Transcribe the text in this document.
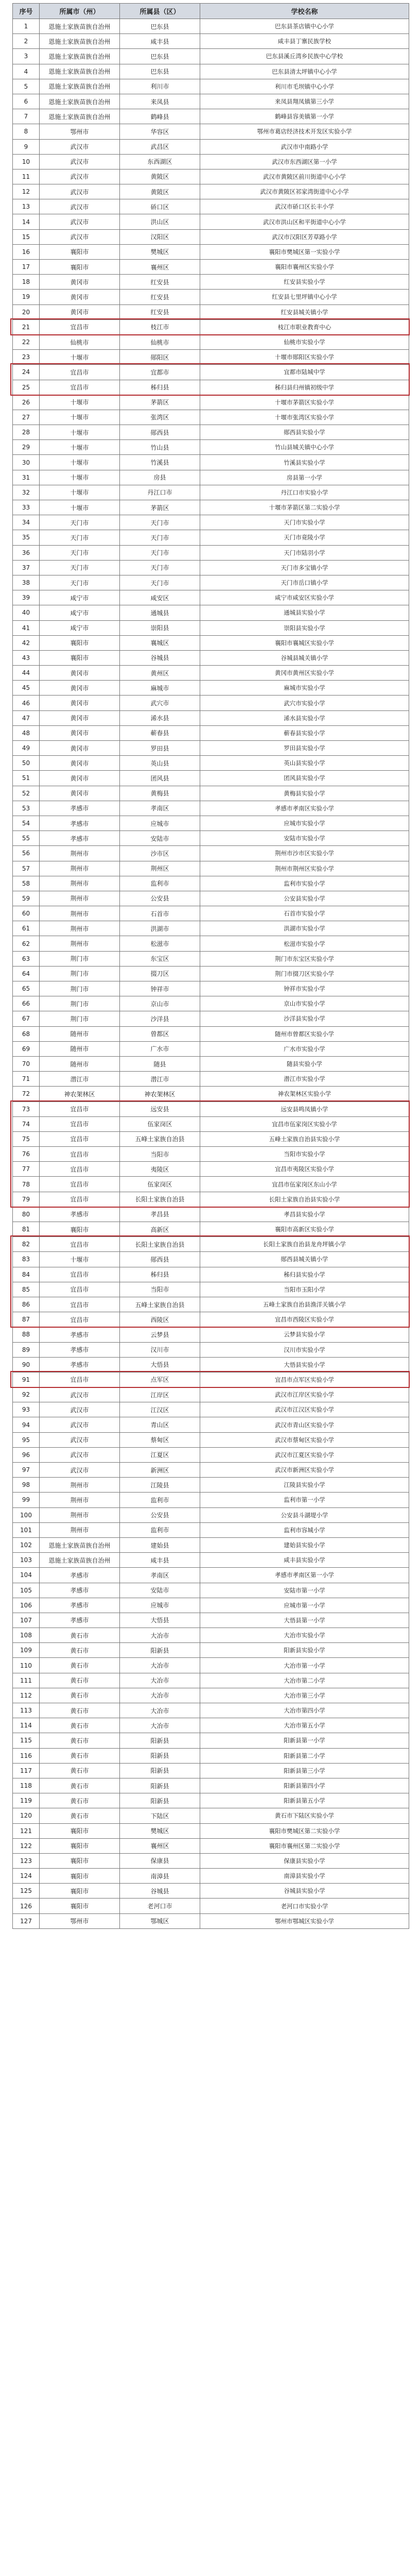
序号	所属市（州）	所属县（区）	学校名称
1	恩施土家族苗族自治州	巴东县	巴东县茶店镇中心小学
2	恩施土家族苗族自治州	咸丰县	咸丰县丁寨民族学校
3	恩施土家族苗族自治州	巴东县	巴东县溪丘湾乡民族中心学校
4	恩施土家族苗族自治州	巴东县	巴东县清太坪镇中心小学
5	恩施土家族苗族自治州	利川市	利川市毛坝镇中心小学
6	恩施土家族苗族自治州	来凤县	来凤县翔凤镇第三小学
7	恩施土家族苗族自治州	鹤峰县	鹤峰县容美镇第一小学
8	鄂州市	华容区	鄂州市葛店经济技术开发区实验小学
9	武汉市	武昌区	武汉市中南路小学
10	武汉市	东西湖区	武汉市东西湖区第一小学
11	武汉市	黄陂区	武汉市黄陂区前川街道中心小学
12	武汉市	黄陂区	武汉市黄陂区祁家湾街道中心小学
13	武汉市	硚口区	武汉市硚口区长丰小学
14	武汉市	洪山区	武汉市洪山区和平街道中心小学
15	武汉市	汉阳区	武汉市汉阳区芳草路小学
16	襄阳市	樊城区	襄阳市樊城区第一实验小学
17	襄阳市	襄州区	襄阳市襄州区实验小学
18	黄冈市	红安县	红安县实验小学
19	黄冈市	红安县	红安县七里坪镇中心小学
20	黄冈市	红安县	红安县城关镇小学
21	宜昌市	枝江市	枝江市职业教育中心
22	仙桃市	仙桃市	仙桃市实验小学
23	十堰市	郧阳区	十堰市郧阳区实验小学
24	宜昌市	宜都市	宜都市陆城中学
25	宜昌市	秭归县	秭归县归州镇初级中学
26	十堰市	茅箭区	十堰市茅箭区实验小学
27	十堰市	张湾区	十堰市张湾区实验小学
28	十堰市	郧西县	郧西县实验小学
29	十堰市	竹山县	竹山县城关镇中心小学
30	十堰市	竹溪县	竹溪县实验小学
31	十堰市	房县	房县第一小学
32	十堰市	丹江口市	丹江口市实验小学
33	十堰市	茅箭区	十堰市茅箭区第二实验小学
34	天门市	天门市	天门市实验小学
35	天门市	天门市	天门市竟陵小学
36	天门市	天门市	天门市陆羽小学
37	天门市	天门市	天门市多宝镇小学
38	天门市	天门市	天门市岳口镇小学
39	咸宁市	咸安区	咸宁市咸安区实验小学
40	咸宁市	通城县	通城县实验小学
41	咸宁市	崇阳县	崇阳县实验小学
42	襄阳市	襄城区	襄阳市襄城区实验小学
43	襄阳市	谷城县	谷城县城关镇小学
44	黄冈市	黄州区	黄冈市黄州区实验小学
45	黄冈市	麻城市	麻城市实验小学
46	黄冈市	武穴市	武穴市实验小学
47	黄冈市	浠水县	浠水县实验小学
48	黄冈市	蕲春县	蕲春县实验小学
49	黄冈市	罗田县	罗田县实验小学
50	黄冈市	英山县	英山县实验小学
51	黄冈市	团风县	团风县实验小学
52	黄冈市	黄梅县	黄梅县实验小学
53	孝感市	孝南区	孝感市孝南区实验小学
54	孝感市	应城市	应城市实验小学
55	孝感市	安陆市	安陆市实验小学
56	荆州市	沙市区	荆州市沙市区实验小学
57	荆州市	荆州区	荆州市荆州区实验小学
58	荆州市	监利市	监利市实验小学
59	荆州市	公安县	公安县实验小学
60	荆州市	石首市	石首市实验小学
61	荆州市	洪湖市	洪湖市实验小学
62	荆州市	松滋市	松滋市实验小学
63	荆门市	东宝区	荆门市东宝区实验小学
64	荆门市	掇刀区	荆门市掇刀区实验小学
65	荆门市	钟祥市	钟祥市实验小学
66	荆门市	京山市	京山市实验小学
67	荆门市	沙洋县	沙洋县实验小学
68	随州市	曾都区	随州市曾都区实验小学
69	随州市	广水市	广水市实验小学
70	随州市	随县	随县实验小学
71	潜江市	潜江市	潜江市实验小学
72	神农架林区	神农架林区	神农架林区实验小学
73	宜昌市	远安县	远安县鸣凤镇小学
74	宜昌市	伍家岗区	宜昌市伍家岗区实验小学
75	宜昌市	五峰土家族自治县	五峰土家族自治县实验小学
76	宜昌市	当阳市	当阳市实验小学
77	宜昌市	夷陵区	宜昌市夷陵区实验小学
78	宜昌市	伍家岗区	宜昌市伍家岗区东山小学
79	宜昌市	长阳土家族自治县	长阳土家族自治县实验小学
80	孝感市	孝昌县	孝昌县实验小学
81	襄阳市	高新区	襄阳市高新区实验小学
82	宜昌市	长阳土家族自治县	长阳土家族自治县龙舟坪镇小学
83	十堰市	郧西县	郧西县城关镇小学
84	宜昌市	秭归县	秭归县实验小学
85	宜昌市	当阳市	当阳市玉阳小学
86	宜昌市	五峰土家族自治县	五峰土家族自治县渔洋关镇小学
87	宜昌市	西陵区	宜昌市西陵区实验小学
88	孝感市	云梦县	云梦县实验小学
89	孝感市	汉川市	汉川市实验小学
90	孝感市	大悟县	大悟县实验小学
91	宜昌市	点军区	宜昌市点军区实验小学
92	武汉市	江岸区	武汉市江岸区实验小学
93	武汉市	江汉区	武汉市江汉区实验小学
94	武汉市	青山区	武汉市青山区实验小学
95	武汉市	蔡甸区	武汉市蔡甸区实验小学
96	武汉市	江夏区	武汉市江夏区实验小学
97	武汉市	新洲区	武汉市新洲区实验小学
98	荆州市	江陵县	江陵县实验小学
99	荆州市	监利市	监利市第一小学
100	荆州市	公安县	公安县斗湖堤小学
101	荆州市	监利市	监利市容城小学
102	恩施土家族苗族自治州	建始县	建始县实验小学
103	恩施土家族苗族自治州	咸丰县	咸丰县实验小学
104	孝感市	孝南区	孝感市孝南区第一小学
105	孝感市	安陆市	安陆市第一小学
106	孝感市	应城市	应城市第一小学
107	孝感市	大悟县	大悟县第一小学
108	黄石市	大冶市	大冶市实验小学
109	黄石市	阳新县	阳新县实验小学
110	黄石市	大冶市	大冶市第一小学
111	黄石市	大冶市	大冶市第二小学
112	黄石市	大冶市	大冶市第三小学
113	黄石市	大冶市	大冶市第四小学
114	黄石市	大冶市	大冶市第五小学
115	黄石市	阳新县	阳新县第一小学
116	黄石市	阳新县	阳新县第二小学
117	黄石市	阳新县	阳新县第三小学
118	黄石市	阳新县	阳新县第四小学
119	黄石市	阳新县	阳新县第五小学
120	黄石市	下陆区	黄石市下陆区实验小学
121	襄阳市	樊城区	襄阳市樊城区第二实验小学
122	襄阳市	襄州区	襄阳市襄州区第二实验小学
123	襄阳市	保康县	保康县实验小学
124	襄阳市	南漳县	南漳县实验小学
125	襄阳市	谷城县	谷城县实验小学
126	襄阳市	老河口市	老河口市实验小学
127	鄂州市	鄂城区	鄂州市鄂城区实验小学
